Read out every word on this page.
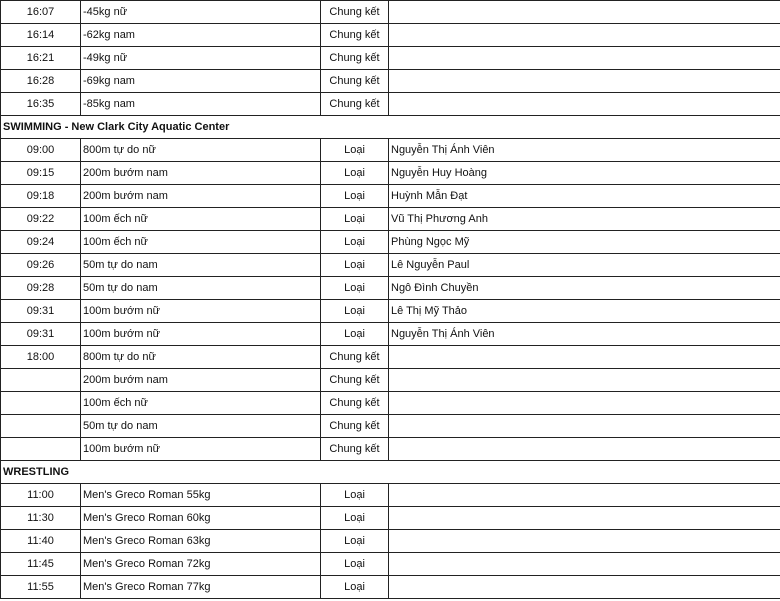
16:07	-45kg nữ	Chung kết	
16:14	-62kg nam	Chung kết	
16:21	-49kg nữ	Chung kết	
16:28	-69kg nam	Chung kết	
16:35	-85kg nam	Chung kết	
SWIMMING - New Clark City Aquatic Center			
09:00	800m tự do nữ	Loại	Nguyễn Thị Ánh Viên
09:15	200m bướm nam	Loại	Nguyễn Huy Hoàng
09:18	200m bướm nam	Loại	Huỳnh Mẫn Đạt
09:22	100m ếch nữ	Loại	Vũ Thị Phương Anh
09:24	100m ếch nữ	Loại	Phùng Ngọc Mỹ
09:26	50m tự do nam	Loại	Lê Nguyễn Paul
09:28	50m tự do nam	Loại	Ngô Đình Chuyền
09:31	100m bướm nữ	Loại	Lê Thị Mỹ Thảo
09:31	100m bướm nữ	Loại	Nguyễn Thị Ánh Viên
18:00	800m tự do nữ	Chung kết	
	200m bướm nam	Chung kết	
	100m ếch nữ	Chung kết	
	50m tự do nam	Chung kết	
	100m bướm nữ	Chung kết	
WRESTLING			
11:00	Men's Greco Roman 55kg	Loại	
11:30	Men's Greco Roman 60kg	Loại	
11:40	Men's Greco Roman 63kg	Loại	
11:45	Men's Greco Roman 72kg	Loại	
11:55	Men's Greco Roman 77kg	Loại	
